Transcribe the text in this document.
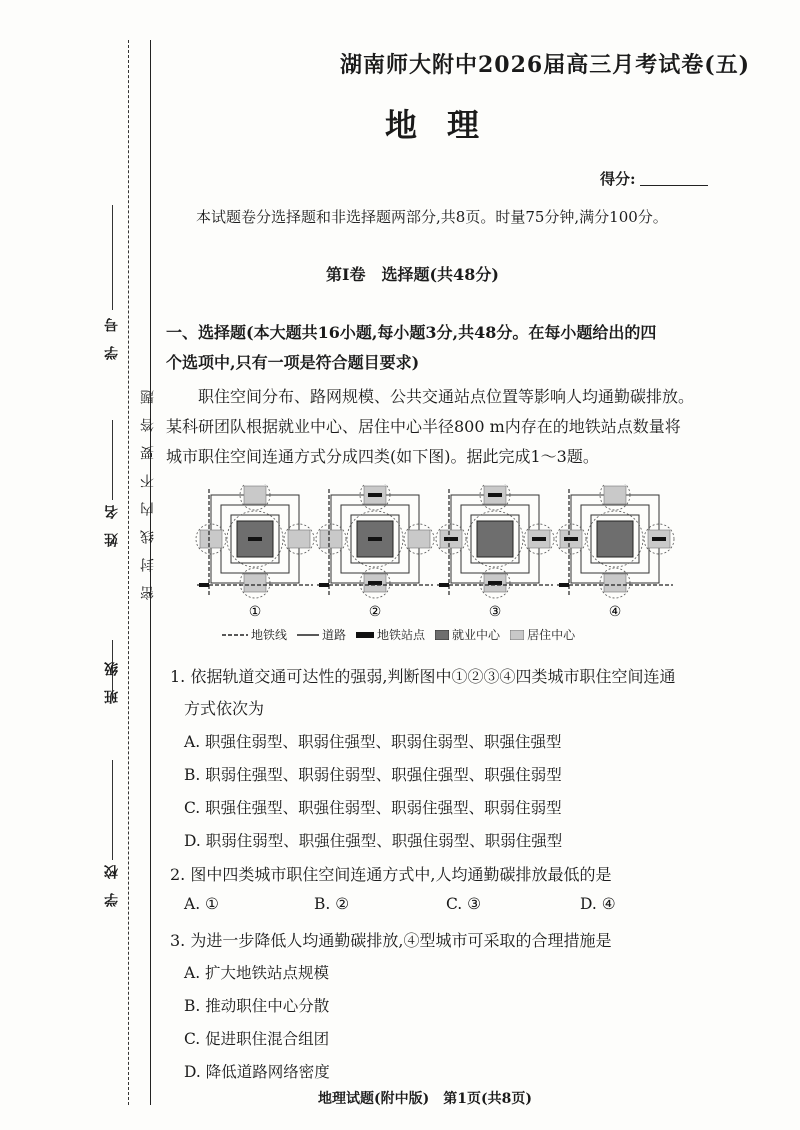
学　号
姓　名
班　级
学　校
密　封　线　内　不　要　答　题
湖南师大附中2026届高三月考试卷(五)
地理
得分:
本试题卷分选择题和非选择题两部分,共8页。时量75分钟,满分100分。
第Ⅰ卷　选择题(共48分)
一、选择题(本大题共16小题,每小题3分,共48分。在每小题给出的四
个选项中,只有一项是符合题目要求)
　　职住空间分布、路网规模、公共交通站点位置等影响人均通勤碳排放。
某科研团队根据就业中心、居住中心半径800 m内存在的地铁站点数量将
城市职住空间连通方式分成四类(如下图)。据此完成1～3题。
①	②	③	④
地铁线	道路	地铁站点 就业中心 居住中心
1. 依据轨道交通可达性的强弱,判断图中①②③④四类城市职住空间连通
方式依次为
A. 职强住弱型、职弱住强型、职弱住弱型、职强住强型
B. 职弱住强型、职弱住弱型、职强住强型、职强住弱型
C. 职强住强型、职强住弱型、职弱住强型、职弱住弱型
D. 职弱住弱型、职强住强型、职强住弱型、职弱住强型
2. 图中四类城市职住空间连通方式中,人均通勤碳排放最低的是
A. ①	B. ②	C. ③	D. ④
3. 为进一步降低人均通勤碳排放,④型城市可采取的合理措施是
A. 扩大地铁站点规模
B. 推动职住中心分散
C. 促进职住混合组团
D. 降低道路网络密度
地理试题(附中版)　第1页(共8页)
